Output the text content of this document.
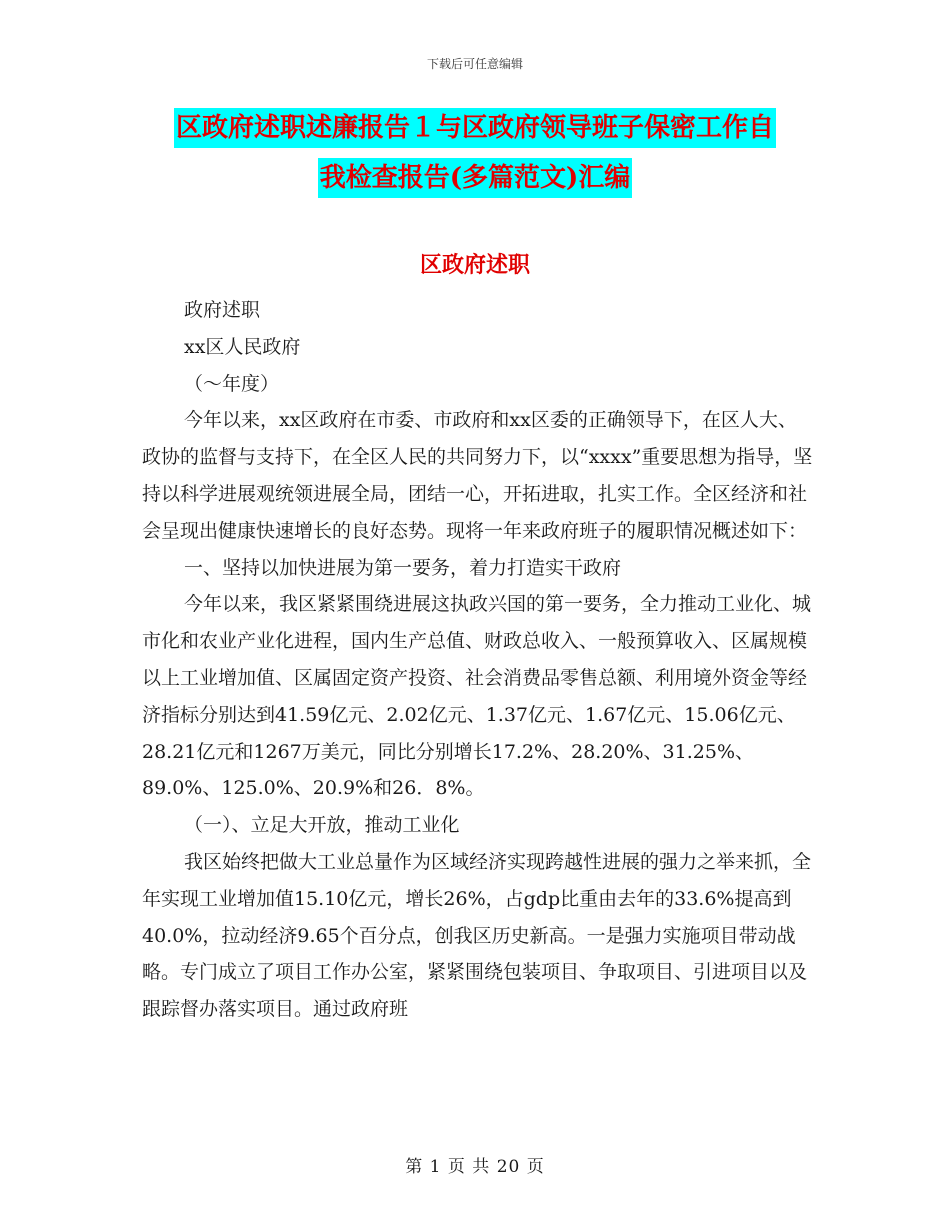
下载后可任意编辑
区政府述职述廉报告１与区政府领导班子保密工作自
我检查报告(多篇范文)汇编
区政府述职

政府述职

xx区人民政府

（～年度）

今年以来，xx区政府在市委、市政府和xx区委的正确领导下，在区人大、政协的监督与支持下，在全区人民的共同努力下，以“xxxx”重要思想为指导，坚持以科学进展观统领进展全局，团结一心，开拓进取，扎实工作。全区经济和社会呈现出健康快速增长的良好态势。现将一年来政府班子的履职情况概述如下：

一、坚持以加快进展为第一要务，着力打造实干政府

今年以来，我区紧紧围绕进展这执政兴国的第一要务，全力推动工业化、城市化和农业产业化进程，国内生产总值、财政总收入、一般预算收入、区属规模以上工业增加值、区属固定资产投资、社会消费品零售总额、利用境外资金等经济指标分别达到41.59亿元、2.02亿元、1.37亿元、1.67亿元、15.06亿元、28.21亿元和1267万美元，同比分别增长17.2%、28.20%、31.25%、89.0%、125.0%、20.9%和26．8%。

（一）、立足大开放，推动工业化

我区始终把做大工业总量作为区域经济实现跨越性进展的强力之举来抓，全年实现工业增加值15.10亿元，增长26%，占gdp比重由去年的33.6%提高到40.0%，拉动经济9.65个百分点，创我区历史新高。一是强力实施项目带动战略。专门成立了项目工作办公室，紧紧围绕包装项目、争取项目、引进项目以及跟踪督办落实项目。通过政府班

第 1 页 共 20 页
